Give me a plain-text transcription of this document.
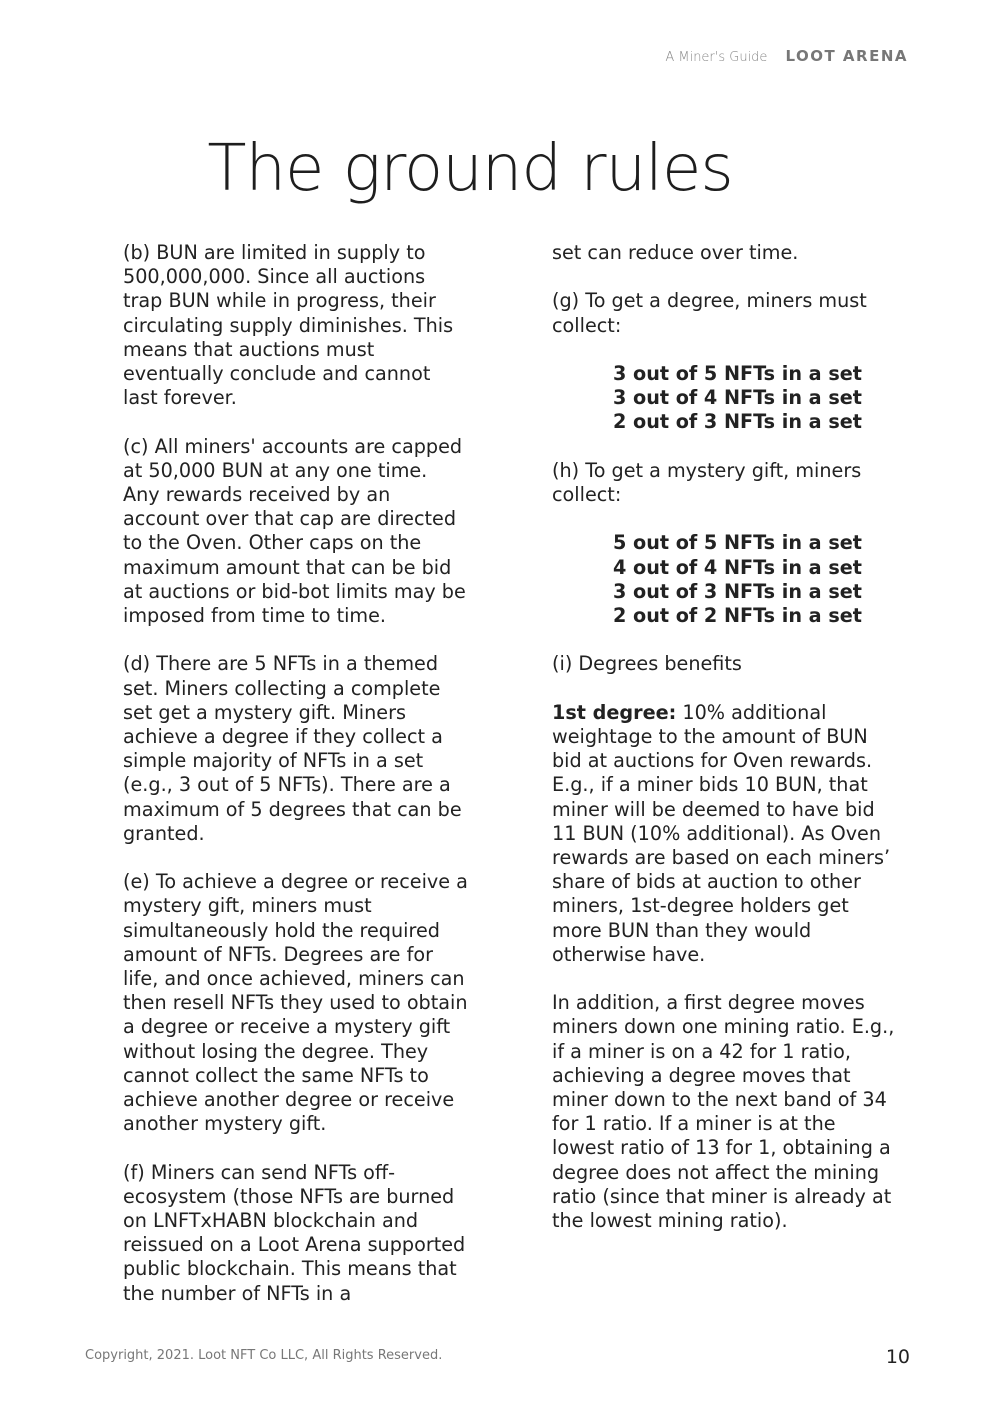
A Miner's Guide LOOT ARENA
The ground rules

(b) BUN are limited in supply to 500,000,000. Since all auctions trap BUN while in progress, their circulating supply diminishes. This means that auctions must eventually conclude and cannot last forever.

(c) All miners' accounts are capped at 50,000 BUN at any one time. Any rewards received by an account over that cap are directed to the Oven. Other caps on the maximum amount that can be bid at auctions or bid-bot limits may be imposed from time to time.

(d) There are 5 NFTs in a themed set. Miners collecting a complete set get a mystery gift. Miners achieve a degree if they collect a simple majority of NFTs in a set (e.g., 3 out of 5 NFTs). There are a maximum of 5 degrees that can be granted.

(e) To achieve a degree or receive a mystery gift, miners must simultaneously hold the required amount of NFTs. Degrees are for life, and once achieved, miners can then resell NFTs they used to obtain a degree or receive a mystery gift without losing the degree. They cannot collect the same NFTs to achieve another degree or receive another mystery gift.

(f) Miners can send NFTs off-ecosystem (those NFTs are burned on LNFTxHABN blockchain and reissued on a Loot Arena supported public blockchain. This means that the number of NFTs in a

set can reduce over time.

(g) To get a degree, miners must collect:

3 out of 5 NFTs in a set
3 out of 4 NFTs in a set
2 out of 3 NFTs in a set

(h) To get a mystery gift, miners collect:

5 out of 5 NFTs in a set
4 out of 4 NFTs in a set
3 out of 3 NFTs in a set
2 out of 2 NFTs in a set

(i) Degrees benefits

1st degree: 10% additional weightage to the amount of BUN bid at auctions for Oven rewards. E.g., if a miner bids 10 BUN, that miner will be deemed to have bid 11 BUN (10% additional). As Oven rewards are based on each miners’ share of bids at auction to other miners, 1st-degree holders get more BUN than they would otherwise have.

In addition, a first degree moves miners down one mining ratio. E.g., if a miner is on a 42 for 1 ratio, achieving a degree moves that miner down to the next band of 34 for 1 ratio. If a miner is at the lowest ratio of 13 for 1, obtaining a degree does not affect the mining ratio (since that miner is already at the lowest mining ratio).

Copyright, 2021. Loot NFT Co LLC, All Rights Reserved.	10
